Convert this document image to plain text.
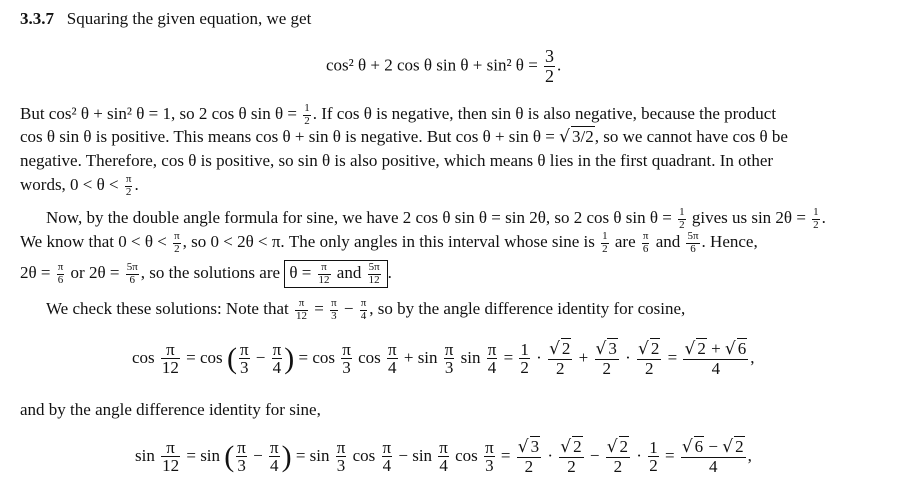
3.3.7 Squaring the given equation, we get
cos² θ + 2 cos θ sin θ + sin² $\theta = \frac{3}{2}$ .
But cos² θ + sin² θ = 1, so 2 cos θ $\sin \theta = \frac{1}{2}$ . If cos θ is negative, then sin θ is also negative, because the product
cos θ sin θ is positive. This means cos θ + sin θ is negative. But cos θ + sin θ = √ 3/2, so we cannot have cos θ be
negative. Therefore, cos θ is positive, so sin θ is also positive, which means θ lies in the first quadrant. In other
words, $0 < \theta < \frac{\pi}{2}$ .
Now, by the double angle formula for sine, we have 2 cos θ sin θ = sin 2θ, so 2 cos θ $\sin \theta = \frac{1}{2}$ gives us $\sin 2\theta = \frac{1}{2}$ .
We know that $0 < \theta < \frac{\pi}{2}$ , so 0 < 2θ < π. The only angles in this interval whose sine is $\frac{1}{2}$ are $\frac{\pi}{6}$ and $\frac{5\pi}{6}$ . Hence,
$2\theta = \frac{\pi}{6}$ or $2\theta = \frac{5\pi}{6}$ , so the solutions are $\theta = \frac{\pi}{12}$ and $\frac{5\pi}{12}$ .
We check these solutions: Note that $\frac{\pi}{12} = \frac{\pi}{3} - \frac{\pi}{4}$ , so by the angle difference identity for cosine,
$\cos \frac{\pi}{12} = \cos$ ( $\frac{\pi}{3} - \frac{\pi}{4}$ ) = $\cos \frac{\pi}{3}$ $\cos \frac{\pi}{4} + \sin \frac{\pi}{3}$ $\sin \frac{\pi}{4} = \frac{1}{2} \cdot \frac{√ 2}{2} + \frac{√ 3}{2} \cdot \frac{√ 2}{2} = \frac{√ 2 + √ 6}{4}$ ,
and by the angle difference identity for sine,
$\sin \frac{\pi}{12} = \sin$ ( $\frac{\pi}{3} - \frac{\pi}{4}$ ) = $\sin \frac{\pi}{3}$ $\cos \frac{\pi}{4} - \sin \frac{\pi}{4}$ $\cos \frac{\pi}{3} = \frac{√ 3}{2} \cdot \frac{√ 2}{2} - \frac{√ 2}{2} \cdot \frac{1}{2} = \frac{√ 6 - √ 2}{4}$ ,
